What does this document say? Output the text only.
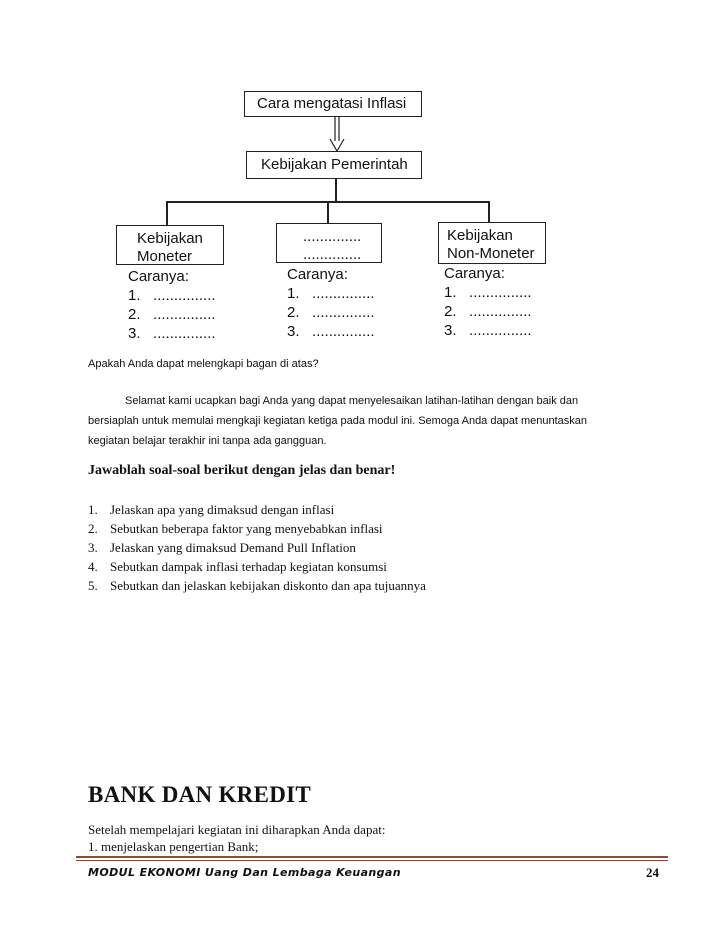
Cara mengatasi Inflasi
Kebijakan Pemerintah
Kebijakan
Moneter
Caranya:
1. ...............
2. ...............
3. ...............
..............
..............
Caranya:
1. ...............
2. ...............
3. ...............
Kebijakan
Non-Moneter
Caranya:
1. ...............
2. ...............
3. ...............
Apakah Anda dapat melengkapi bagan di atas?
Selamat kami ucapkan bagi Anda yang dapat menyelesaikan latihan-latihan dengan baik dan
bersiaplah untuk memulai mengkaji kegiatan ketiga pada modul ini. Semoga Anda dapat menuntaskan
kegiatan belajar terakhir ini tanpa ada gangguan.
Jawablah soal-soal berikut dengan jelas dan benar!
1. Jelaskan apa yang dimaksud dengan inflasi
2. Sebutkan beberapa faktor yang menyebabkan inflasi
3. Jelaskan yang dimaksud Demand Pull Inflation
4. Sebutkan dampak inflasi terhadap kegiatan konsumsi
5. Sebutkan dan jelaskan kebijakan diskonto dan apa tujuannya
BANK DAN KREDIT
Setelah mempelajari kegiatan ini diharapkan Anda dapat:
1. menjelaskan pengertian Bank;
MODUL EKONOMI Uang Dan Lembaga Keuangan	24
